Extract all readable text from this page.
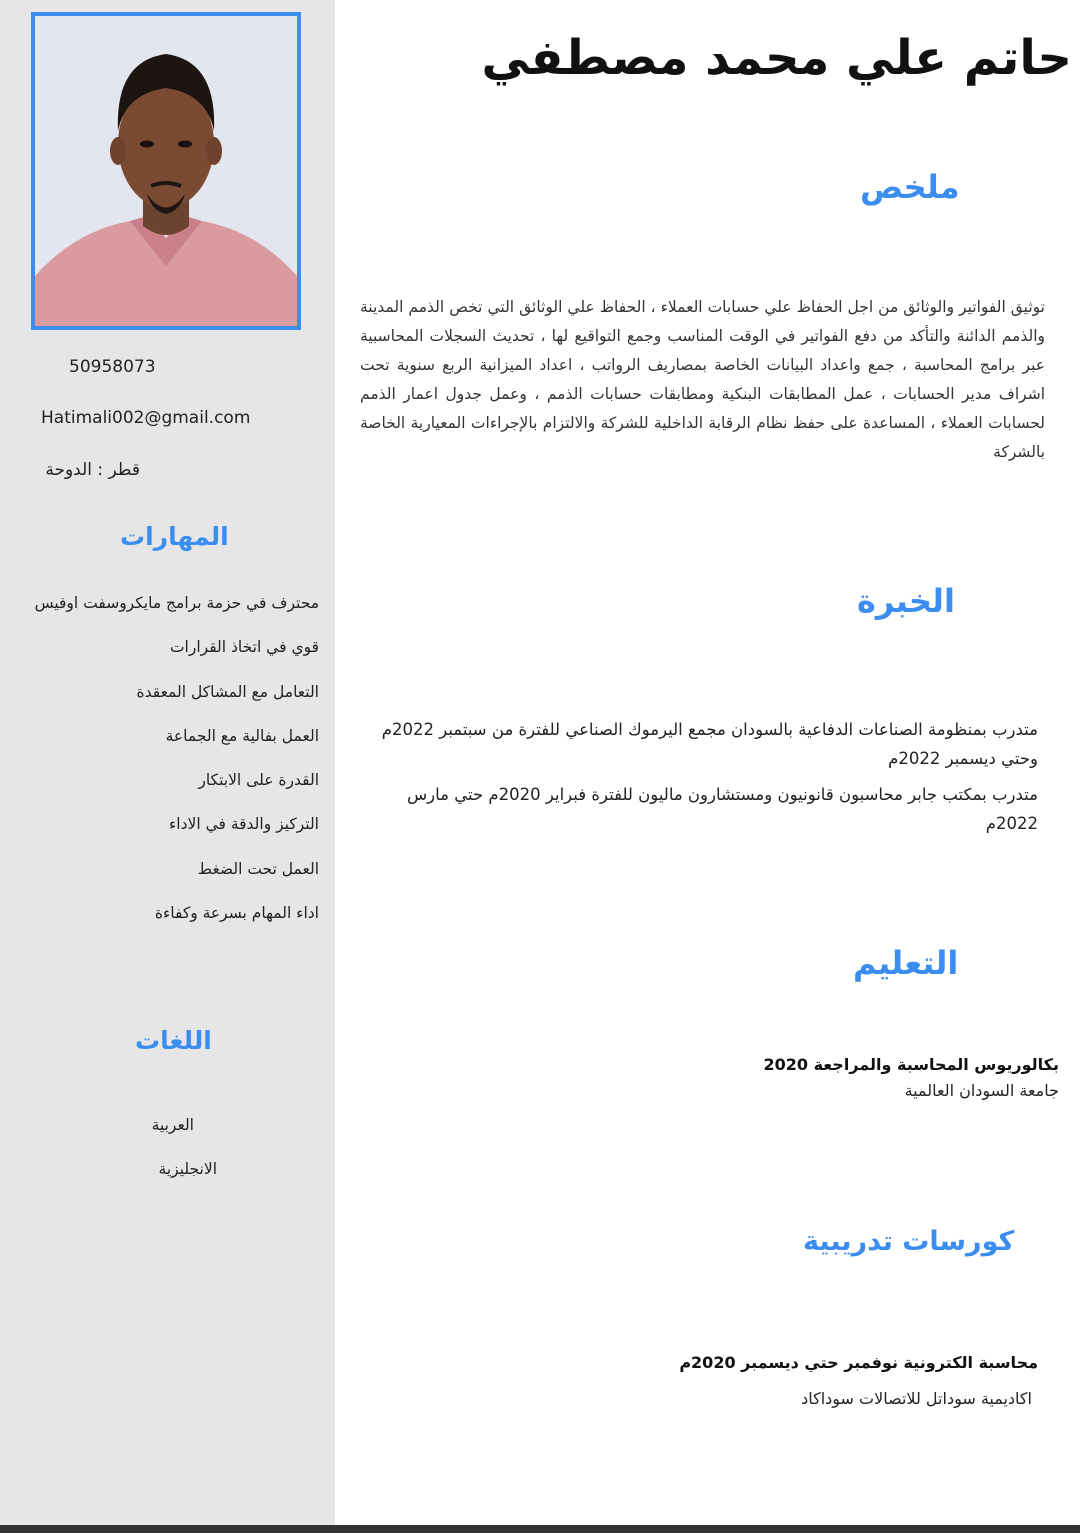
50958073
Hatimali002@gmail.com
قطر : الدوحة
المهارات
محترف في حزمة برامج مايكروسفت اوفيس
قوي في اتخاذ القرارات
التعامل مع المشاكل المعقدة
العمل بفالية مع الجماعة
القدرة على الابتكار
التركيز والدقة في الاداء
العمل تحت الضغط
اداء المهام بسرعة وكفاءة
اللغات
العربية
الانجليزية
حاتم علي محمد مصطفي
ملخص
توثيق الفواتير والوثائق من اجل الحفاظ علي حسابات العملاء ، الحفاظ علي الوثائق التي تخص الذمم المدينة والذمم الدائنة والتأكد من دفع الفواتير في الوقت المناسب وجمع التواقيع لها ، تحديث السجلات المحاسبية عبر برامج المحاسبة ، جمع واعداد البيانات الخاصة بمصاريف الرواتب ، اعداد الميزانية الربع سنوية تحت اشراف مدير الحسابات ، عمل المطابقات البنكية ومطابقات حسابات الذمم ، وعمل جدول اعمار الذمم لحسابات العملاء ، المساعدة على حفظ نظام الرقابة الداخلية للشركة والالتزام بالإجراءات المعيارية الخاصة بالشركة
الخبرة
متدرب بمنظومة الصناعات الدفاعية بالسودان مجمع اليرموك الصناعي للفترة من سبتمبر 2022م وحتي ديسمبر 2022م
متدرب بمكتب جابر محاسبون قانونيون ومستشارون ماليون للفترة فبراير 2020م حتي مارس 2022م
التعليم
بكالوريوس المحاسبة والمراجعة 2020
جامعة السودان العالمية
كورسات تدريبية
محاسبة الكترونية نوفمبر حتي ديسمبر 2020م
اكاديمية سوداتل للاتصالات سوداكاد
